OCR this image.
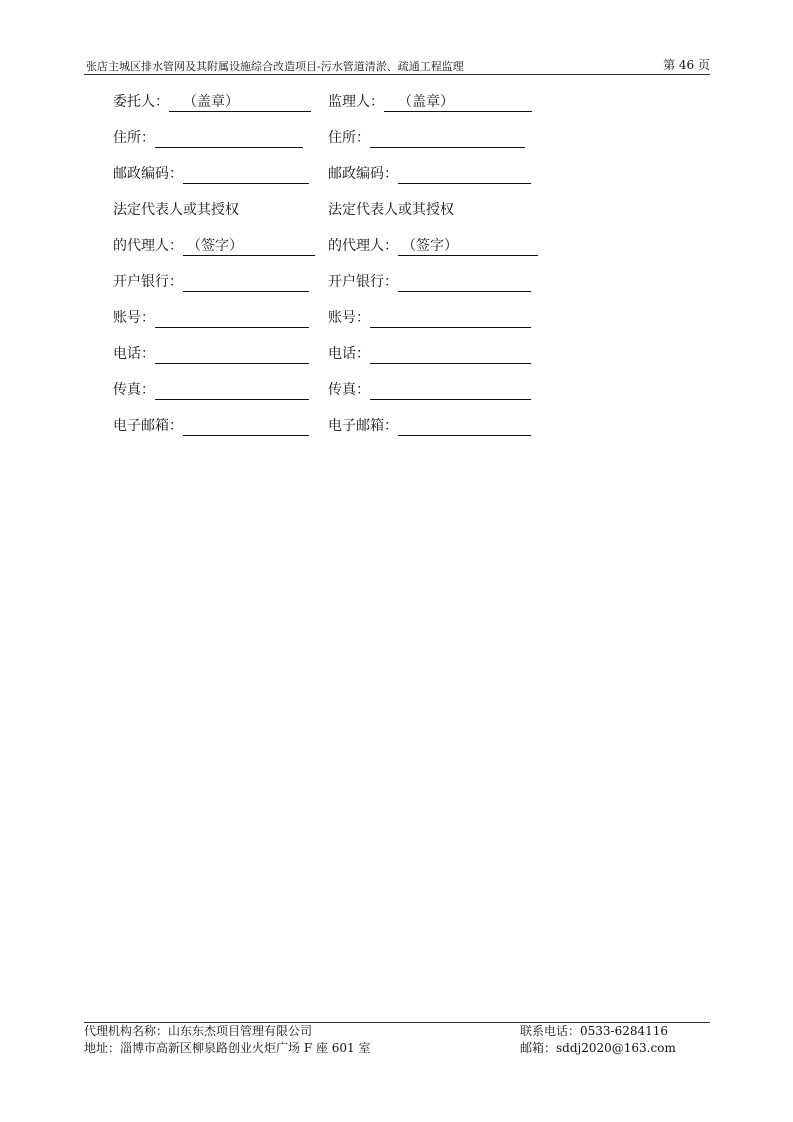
张店主城区排水管网及其附属设施综合改造项目-污水管道清淤、疏通工程监理	第 46 页
委托人： （盖章）	监理人： （盖章）
住所：	住所：
邮政编码：	邮政编码：
法定代表人或其授权	法定代表人或其授权
的代理人： （签字）	的代理人： （签字）
开户银行：	开户银行：
账号：	账号：
电话：	电话：
传真：	传真：
电子邮箱：	电子邮箱：
代理机构名称：山东东杰项目管理有限公司	联系电话：0533-6284116
地址：淄博市高新区柳泉路创业火炬广场 F 座 601 室	邮箱：sddj2020@163.com
